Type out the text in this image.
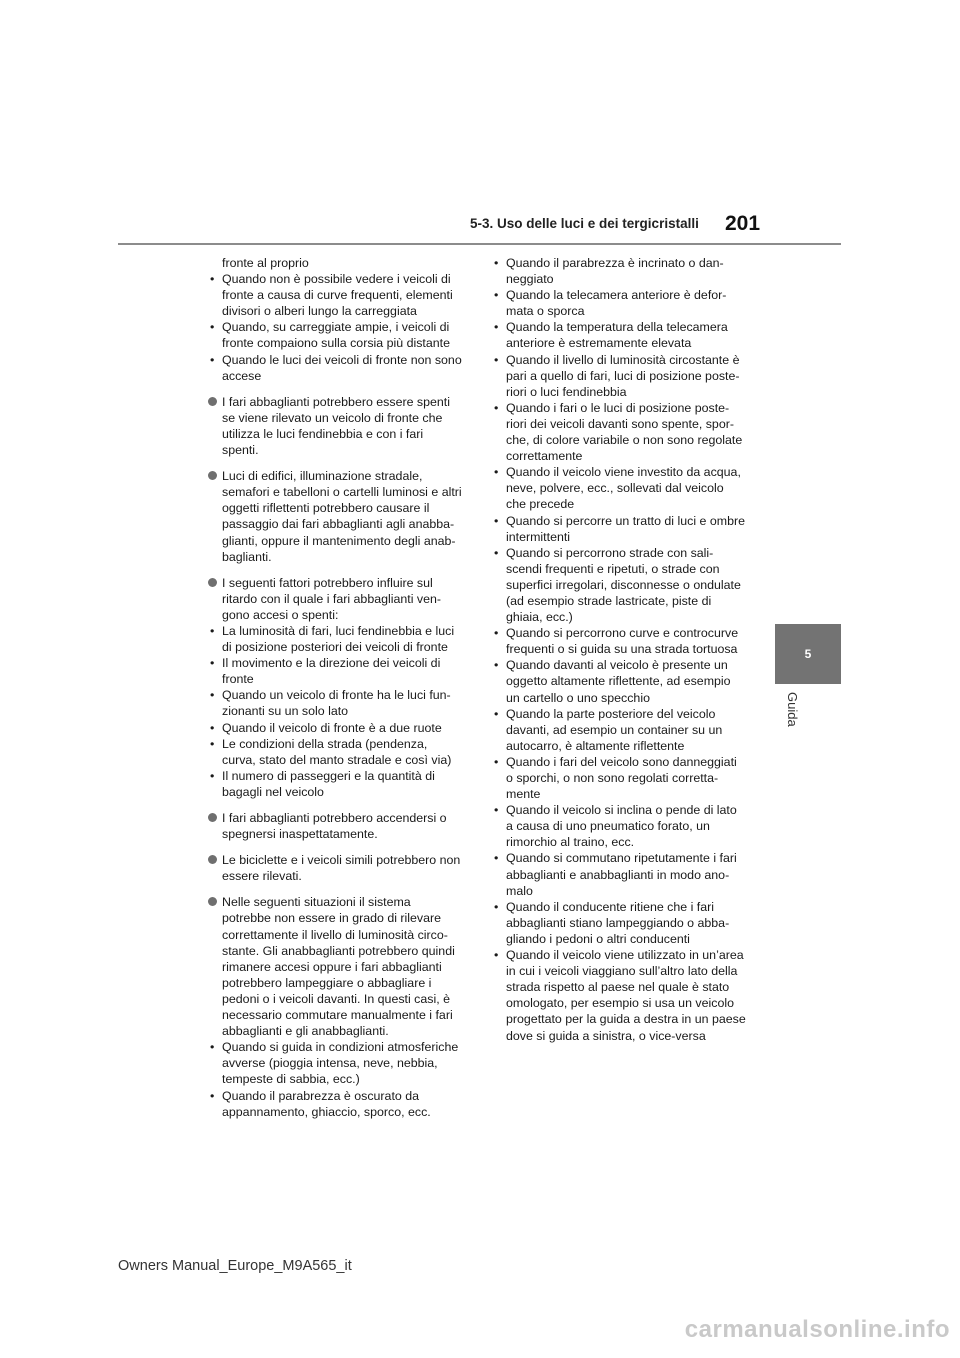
5-3. Uso delle luci e dei tergicristalli 201
5
Guida
fronte al proprio
• Quando non è possibile vedere i veicoli di fronte a causa di curve frequenti, elementi divisori o alberi lungo la carreggiata
• Quando, su carreggiate ampie, i veicoli di fronte compaiono sulla corsia più distante
• Quando le luci dei veicoli di fronte non sono accese
I fari abbaglianti potrebbero essere spenti se viene rilevato un veicolo di fronte che utilizza le luci fendinebbia e con i fari spenti.
Luci di edifici, illuminazione stradale, semafori e tabelloni o cartelli luminosi e altri oggetti riflettenti potrebbero causare il passaggio dai fari abbaglianti agli anabba-glianti, oppure il mantenimento degli anab-baglianti.
I seguenti fattori potrebbero influire sul ritardo con il quale i fari abbaglianti ven-gono accesi o spenti:
• La luminosità di fari, luci fendinebbia e luci di posizione posteriori dei veicoli di fronte
• Il movimento e la direzione dei veicoli di fronte
• Quando un veicolo di fronte ha le luci fun-zionanti su un solo lato
• Quando il veicolo di fronte è a due ruote
• Le condizioni della strada (pendenza, curva, stato del manto stradale e così via)
• Il numero di passeggeri e la quantità di bagagli nel veicolo
I fari abbaglianti potrebbero accendersi o spegnersi inaspettatamente.
Le biciclette e i veicoli simili potrebbero non essere rilevati.
Nelle seguenti situazioni il sistema potrebbe non essere in grado di rilevare correttamente il livello di luminosità circo-stante. Gli anabbaglianti potrebbero quindi rimanere accesi oppure i fari abbaglianti potrebbero lampeggiare o abbagliare i pedoni o i veicoli davanti. In questi casi, è necessario commutare manualmente i fari abbaglianti e gli anabbaglianti.
• Quando si guida in condizioni atmosferiche avverse (pioggia intensa, neve, nebbia, tempeste di sabbia, ecc.)
• Quando il parabrezza è oscurato da appannamento, ghiaccio, sporco, ecc.
• Quando il parabrezza è incrinato o dan-neggiato
• Quando la telecamera anteriore è defor-mata o sporca
• Quando la temperatura della telecamera anteriore è estremamente elevata
• Quando il livello di luminosità circostante è pari a quello di fari, luci di posizione poste-riori o luci fendinebbia
• Quando i fari o le luci di posizione poste-riori dei veicoli davanti sono spente, spor-che, di colore variabile o non sono regolate correttamente
• Quando il veicolo viene investito da acqua, neve, polvere, ecc., sollevati dal veicolo che precede
• Quando si percorre un tratto di luci e ombre intermittenti
• Quando si percorrono strade con sali-scendi frequenti e ripetuti, o strade con superfici irregolari, disconnesse o ondulate (ad esempio strade lastricate, piste di ghiaia, ecc.)
• Quando si percorrono curve e controcurve frequenti o si guida su una strada tortuosa
• Quando davanti al veicolo è presente un oggetto altamente riflettente, ad esempio un cartello o uno specchio
• Quando la parte posteriore del veicolo davanti, ad esempio un container su un autocarro, è altamente riflettente
• Quando i fari del veicolo sono danneggiati o sporchi, o non sono regolati corretta-mente
• Quando il veicolo si inclina o pende di lato a causa di uno pneumatico forato, un rimorchio al traino, ecc.
• Quando si commutano ripetutamente i fari abbaglianti e anabbaglianti in modo ano-malo
• Quando il conducente ritiene che i fari abbaglianti stiano lampeggiando o abba-gliando i pedoni o altri conducenti
• Quando il veicolo viene utilizzato in un’area in cui i veicoli viaggiano sull’altro lato della strada rispetto al paese nel quale è stato omologato, per esempio si usa un veicolo progettato per la guida a destra in un paese dove si guida a sinistra, o vice-versa
Owners Manual_Europe_M9A565_it
carmanualsonline.info
